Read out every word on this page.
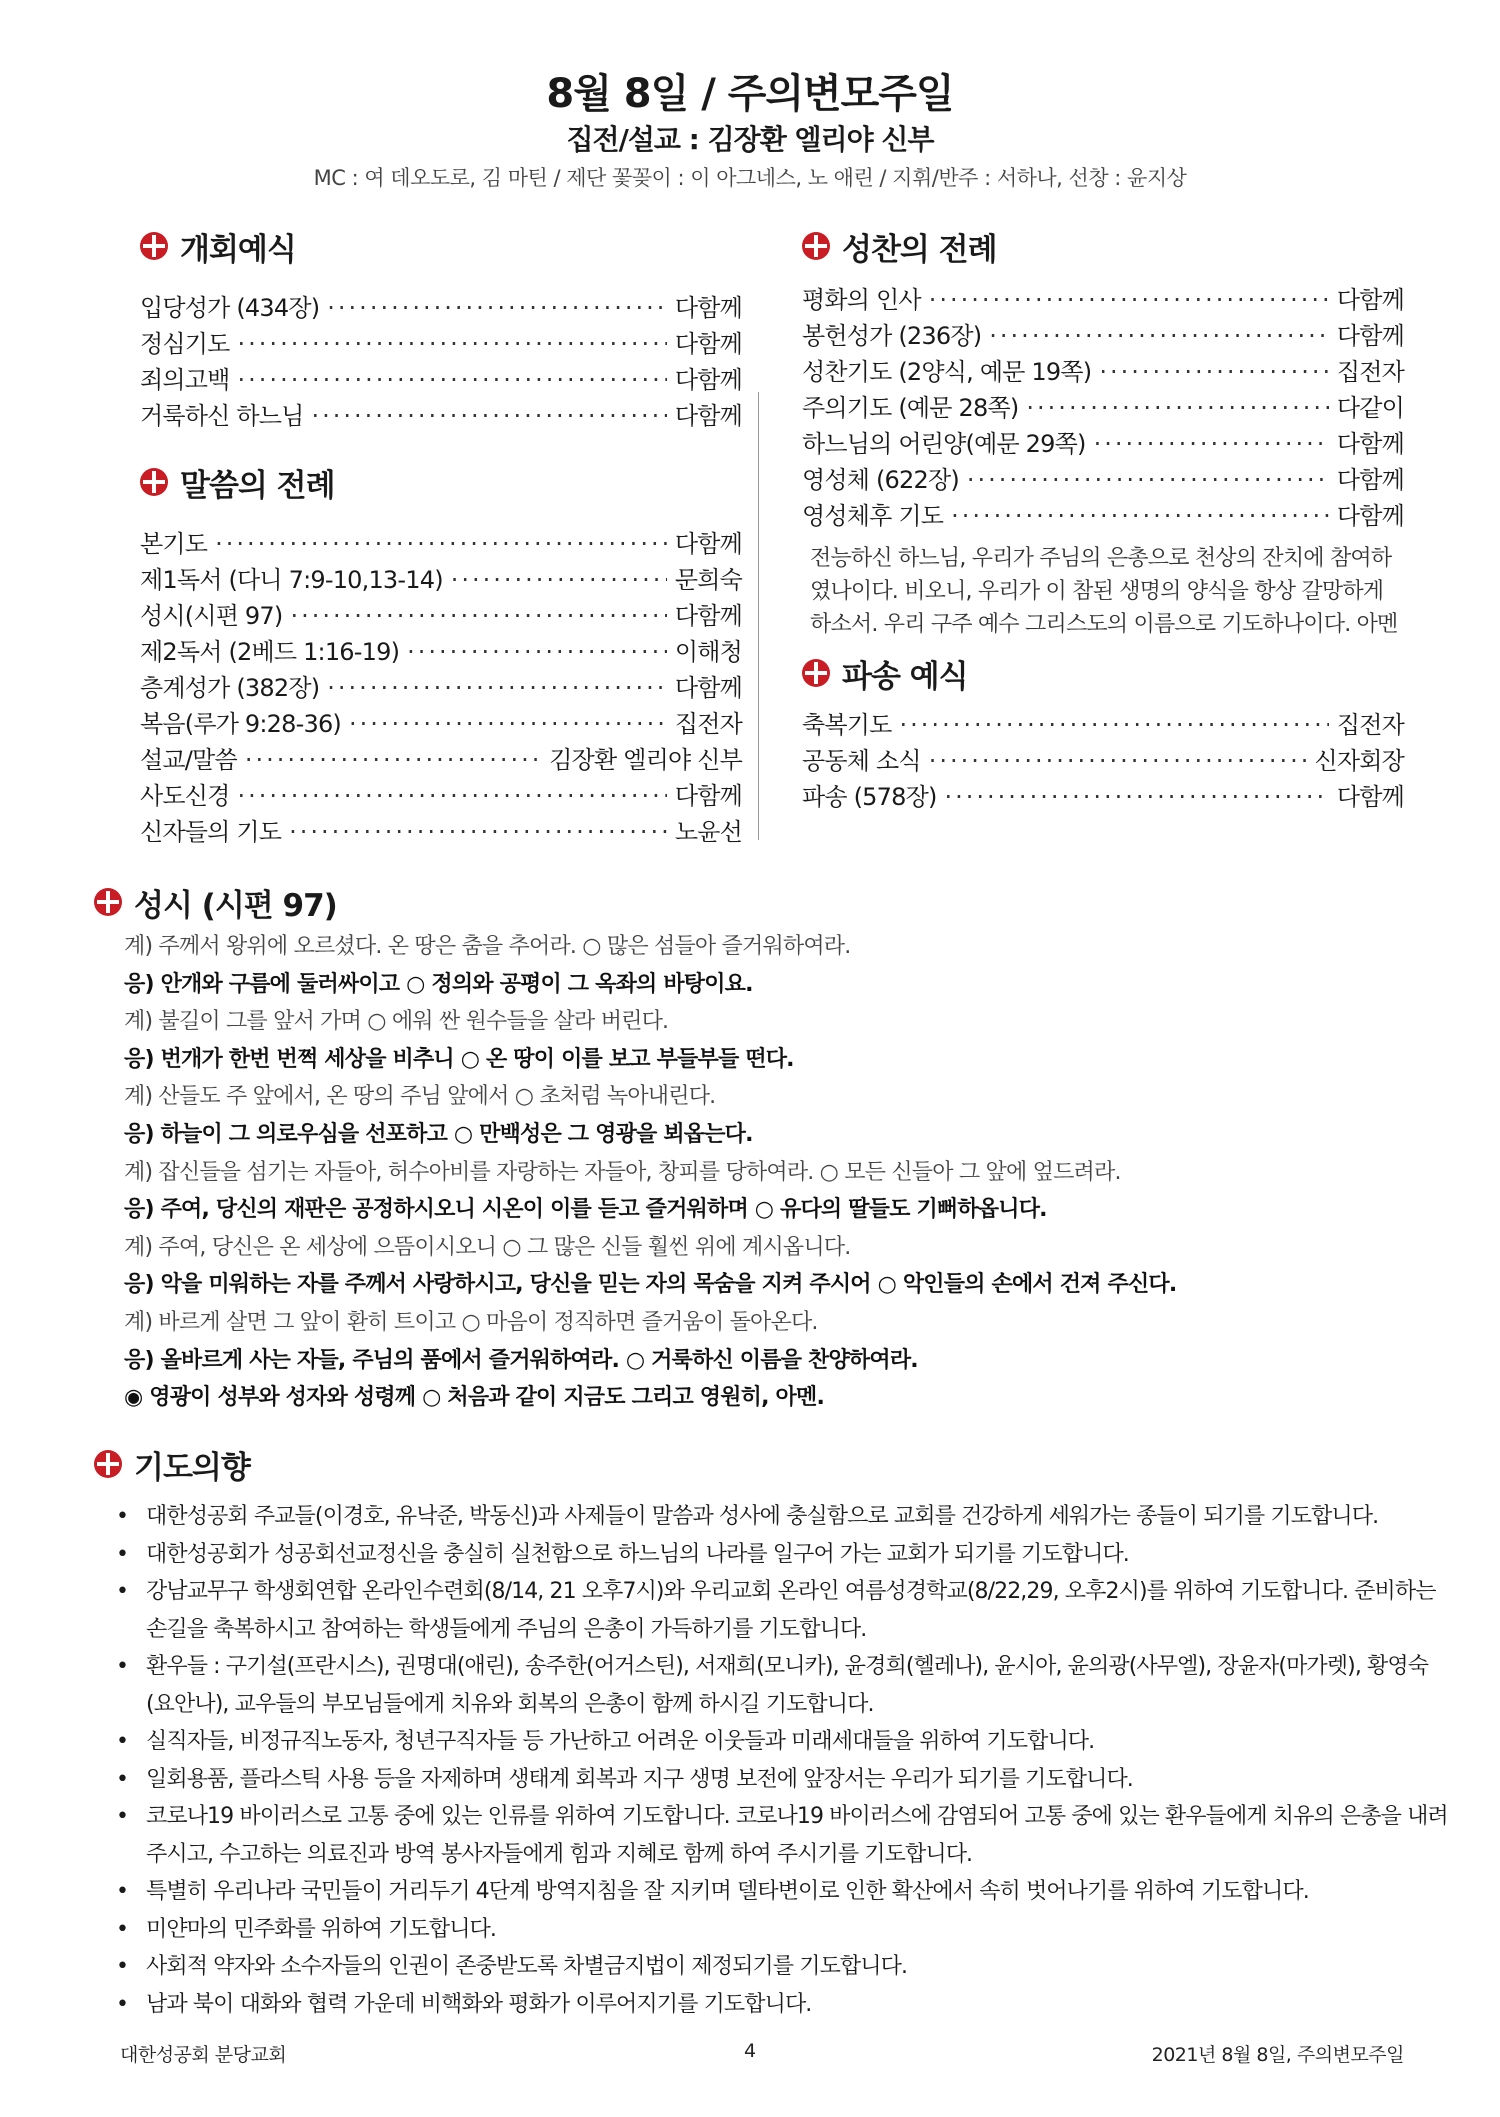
8월 8일 / 주의변모주일
집전/설교 : 김장환 엘리야 신부
MC : 여 데오도로, 김 마틴 / 제단 꽃꽂이 : 이 아그네스, 노 애린 / 지휘/반주 : 서하나, 선창 : 윤지상
개회예식
입당성가 (434장) ·····	다함께
정심기도 ·····	다함께
죄의고백 ·····	다함께
거룩하신 하느님 ·····	다함께
말씀의 전례
본기도 ·····	다함께
제1독서 (다니 7:9-10,13-14) ·····	문희숙
성시(시편 97) ·····	다함께
제2독서 (2베드 1:16-19) ·····	이해청
층계성가 (382장) ·····	다함께
복음(루가 9:28-36) ·····	집전자
설교/말씀 ·····	김장환 엘리야 신부
사도신경 ·····	다함께
신자들의 기도 ·····	노윤선
성찬의 전례
평화의 인사 ·····	다함께
봉헌성가 (236장) ·····	다함께
성찬기도 (2양식, 예문 19쪽) ·····	집전자
주의기도 (예문 28쪽) ·····	다같이
하느님의 어린양(예문 29쪽) ·····	다함께
영성체 (622장) ·····	다함께
영성체후 기도 ·····	다함께
전능하신 하느님, 우리가 주님의 은총으로 천상의 잔치에 참여하였나이다. 비오니, 우리가 이 참된 생명의 양식을 항상 갈망하게 하소서. 우리 구주 예수 그리스도의 이름으로 기도하나이다. 아멘
파송 예식
축복기도 ·····	집전자
공동체 소식 ·····	신자회장
파송 (578장) ·····	다함께
성시 (시편 97)
계) 주께서 왕위에 오르셨다. 온 땅은 춤을 추어라. ○ 많은 섬들아 즐거워하여라.
응) 안개와 구름에 둘러싸이고 ○ 정의와 공평이 그 옥좌의 바탕이요.
계) 불길이 그를 앞서 가며 ○ 에워 싼 원수들을 살라 버린다.
응) 번개가 한번 번쩍 세상을 비추니 ○ 온 땅이 이를 보고 부들부들 떤다.
계) 산들도 주 앞에서, 온 땅의 주님 앞에서 ○ 초처럼 녹아내린다.
응) 하늘이 그 의로우심을 선포하고 ○ 만백성은 그 영광을 뵈옵는다.
계) 잡신들을 섬기는 자들아, 허수아비를 자랑하는 자들아, 창피를 당하여라. ○ 모든 신들아 그 앞에 엎드려라.
응) 주여, 당신의 재판은 공정하시오니 시온이 이를 듣고 즐거워하며 ○ 유다의 딸들도 기뻐하옵니다.
계) 주여, 당신은 온 세상에 으뜸이시오니 ○ 그 많은 신들 훨씬 위에 계시옵니다.
응) 악을 미워하는 자를 주께서 사랑하시고, 당신을 믿는 자의 목숨을 지켜 주시어 ○ 악인들의 손에서 건져 주신다.
계) 바르게 살면 그 앞이 환히 트이고 ○ 마음이 정직하면 즐거움이 돌아온다.
응) 올바르게 사는 자들, 주님의 품에서 즐거워하여라. ○ 거룩하신 이름을 찬양하여라.
◉ 영광이 성부와 성자와 성령께 ○ 처음과 같이 지금도 그리고 영원히, 아멘.
기도의향
• 대한성공회 주교들(이경호, 유낙준, 박동신)과 사제들이 말씀과 성사에 충실함으로 교회를 건강하게 세워가는 종들이 되기를 기도합니다.
• 대한성공회가 성공회선교정신을 충실히 실천함으로 하느님의 나라를 일구어 가는 교회가 되기를 기도합니다.
• 강남교무구 학생회연합 온라인수련회(8/14, 21 오후7시)와 우리교회 온라인 여름성경학교(8/22,29, 오후2시)를 위하여 기도합니다. 준비하는 손길을 축복하시고 참여하는 학생들에게 주님의 은총이 가득하기를 기도합니다.
• 환우들 : 구기설(프란시스), 권명대(애린), 송주한(어거스틴), 서재희(모니카), 윤경희(헬레나), 윤시아, 윤의광(사무엘), 장윤자(마가렛), 황영숙(요안나), 교우들의 부모님들에게 치유와 회복의 은총이 함께 하시길 기도합니다.
• 실직자들, 비정규직노동자, 청년구직자들 등 가난하고 어려운 이웃들과 미래세대들을 위하여 기도합니다.
• 일회용품, 플라스틱 사용 등을 자제하며 생태계 회복과 지구 생명 보전에 앞장서는 우리가 되기를 기도합니다.
• 코로나19 바이러스로 고통 중에 있는 인류를 위하여 기도합니다. 코로나19 바이러스에 감염되어 고통 중에 있는 환우들에게 치유의 은총을 내려주시고, 수고하는 의료진과 방역 봉사자들에게 힘과 지혜로 함께 하여 주시기를 기도합니다.
• 특별히 우리나라 국민들이 거리두기 4단계 방역지침을 잘 지키며 델타변이로 인한 확산에서 속히 벗어나기를 위하여 기도합니다.
• 미얀마의 민주화를 위하여 기도합니다.
• 사회적 약자와 소수자들의 인권이 존중받도록 차별금지법이 제정되기를 기도합니다.
• 남과 북이 대화와 협력 가운데 비핵화와 평화가 이루어지기를 기도합니다.
대한성공회 분당교회	4	2021년 8월 8일, 주의변모주일
